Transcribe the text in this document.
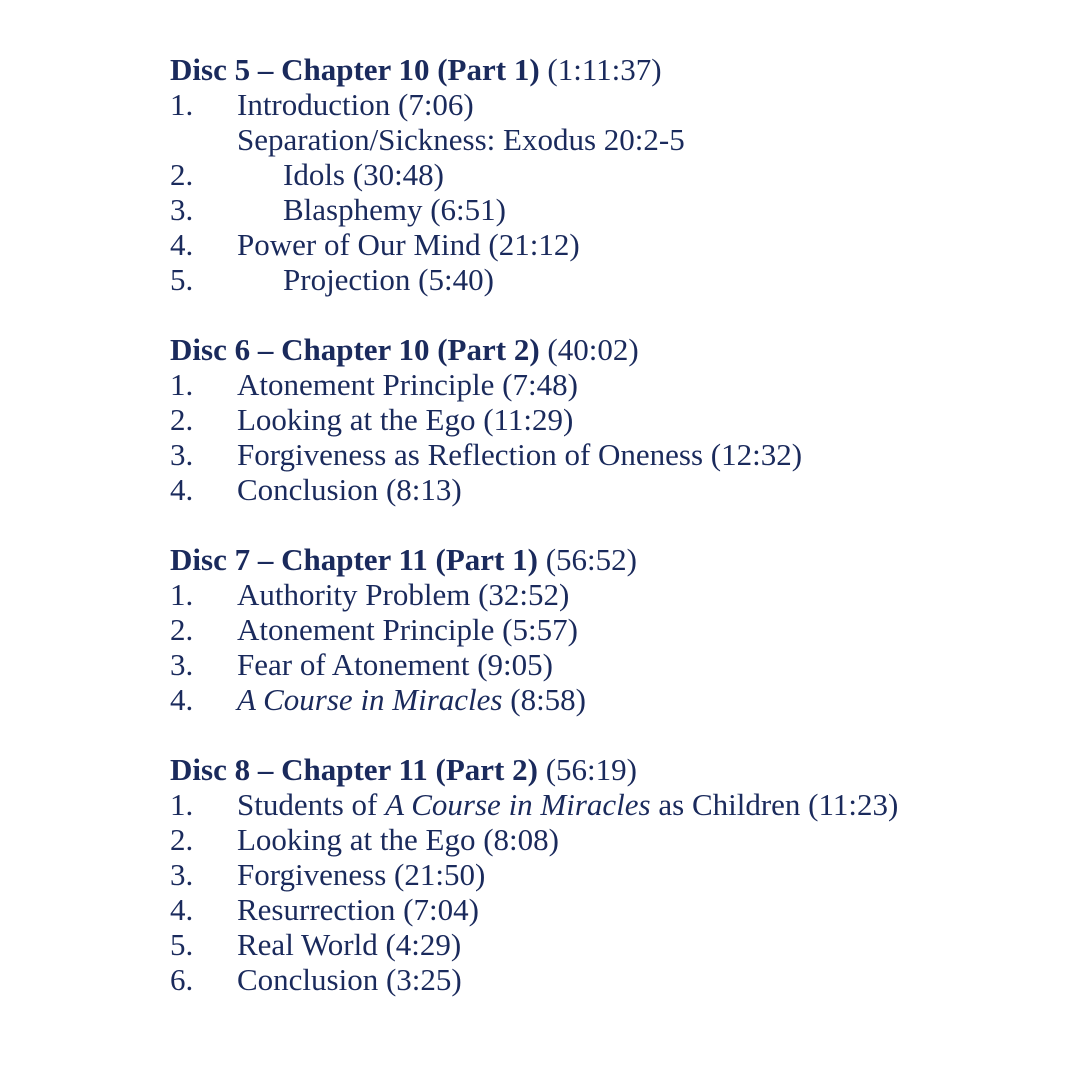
Disc 5 – Chapter 10 (Part 1) (1:11:37)
1.	Introduction (7:06)
Separation/Sickness: Exodus 20:2-5
2.	Idols (30:48)
3.	Blasphemy (6:51)
4.	Power of Our Mind (21:12)
5.	Projection (5:40)
Disc 6 – Chapter 10 (Part 2) (40:02)
1.	Atonement Principle (7:48)
2.	Looking at the Ego (11:29)
3.	Forgiveness as Reflection of Oneness (12:32)
4.	Conclusion (8:13)
Disc 7 – Chapter 11 (Part 1) (56:52)
1.	Authority Problem (32:52)
2.	Atonement Principle (5:57)
3.	Fear of Atonement (9:05)
4.	A Course in Miracles (8:58)
Disc 8 – Chapter 11 (Part 2) (56:19)
1.	Students of A Course in Miracles as Children (11:23)
2.	Looking at the Ego (8:08)
3.	Forgiveness (21:50)
4.	Resurrection (7:04)
5.	Real World (4:29)
6.	Conclusion (3:25)
